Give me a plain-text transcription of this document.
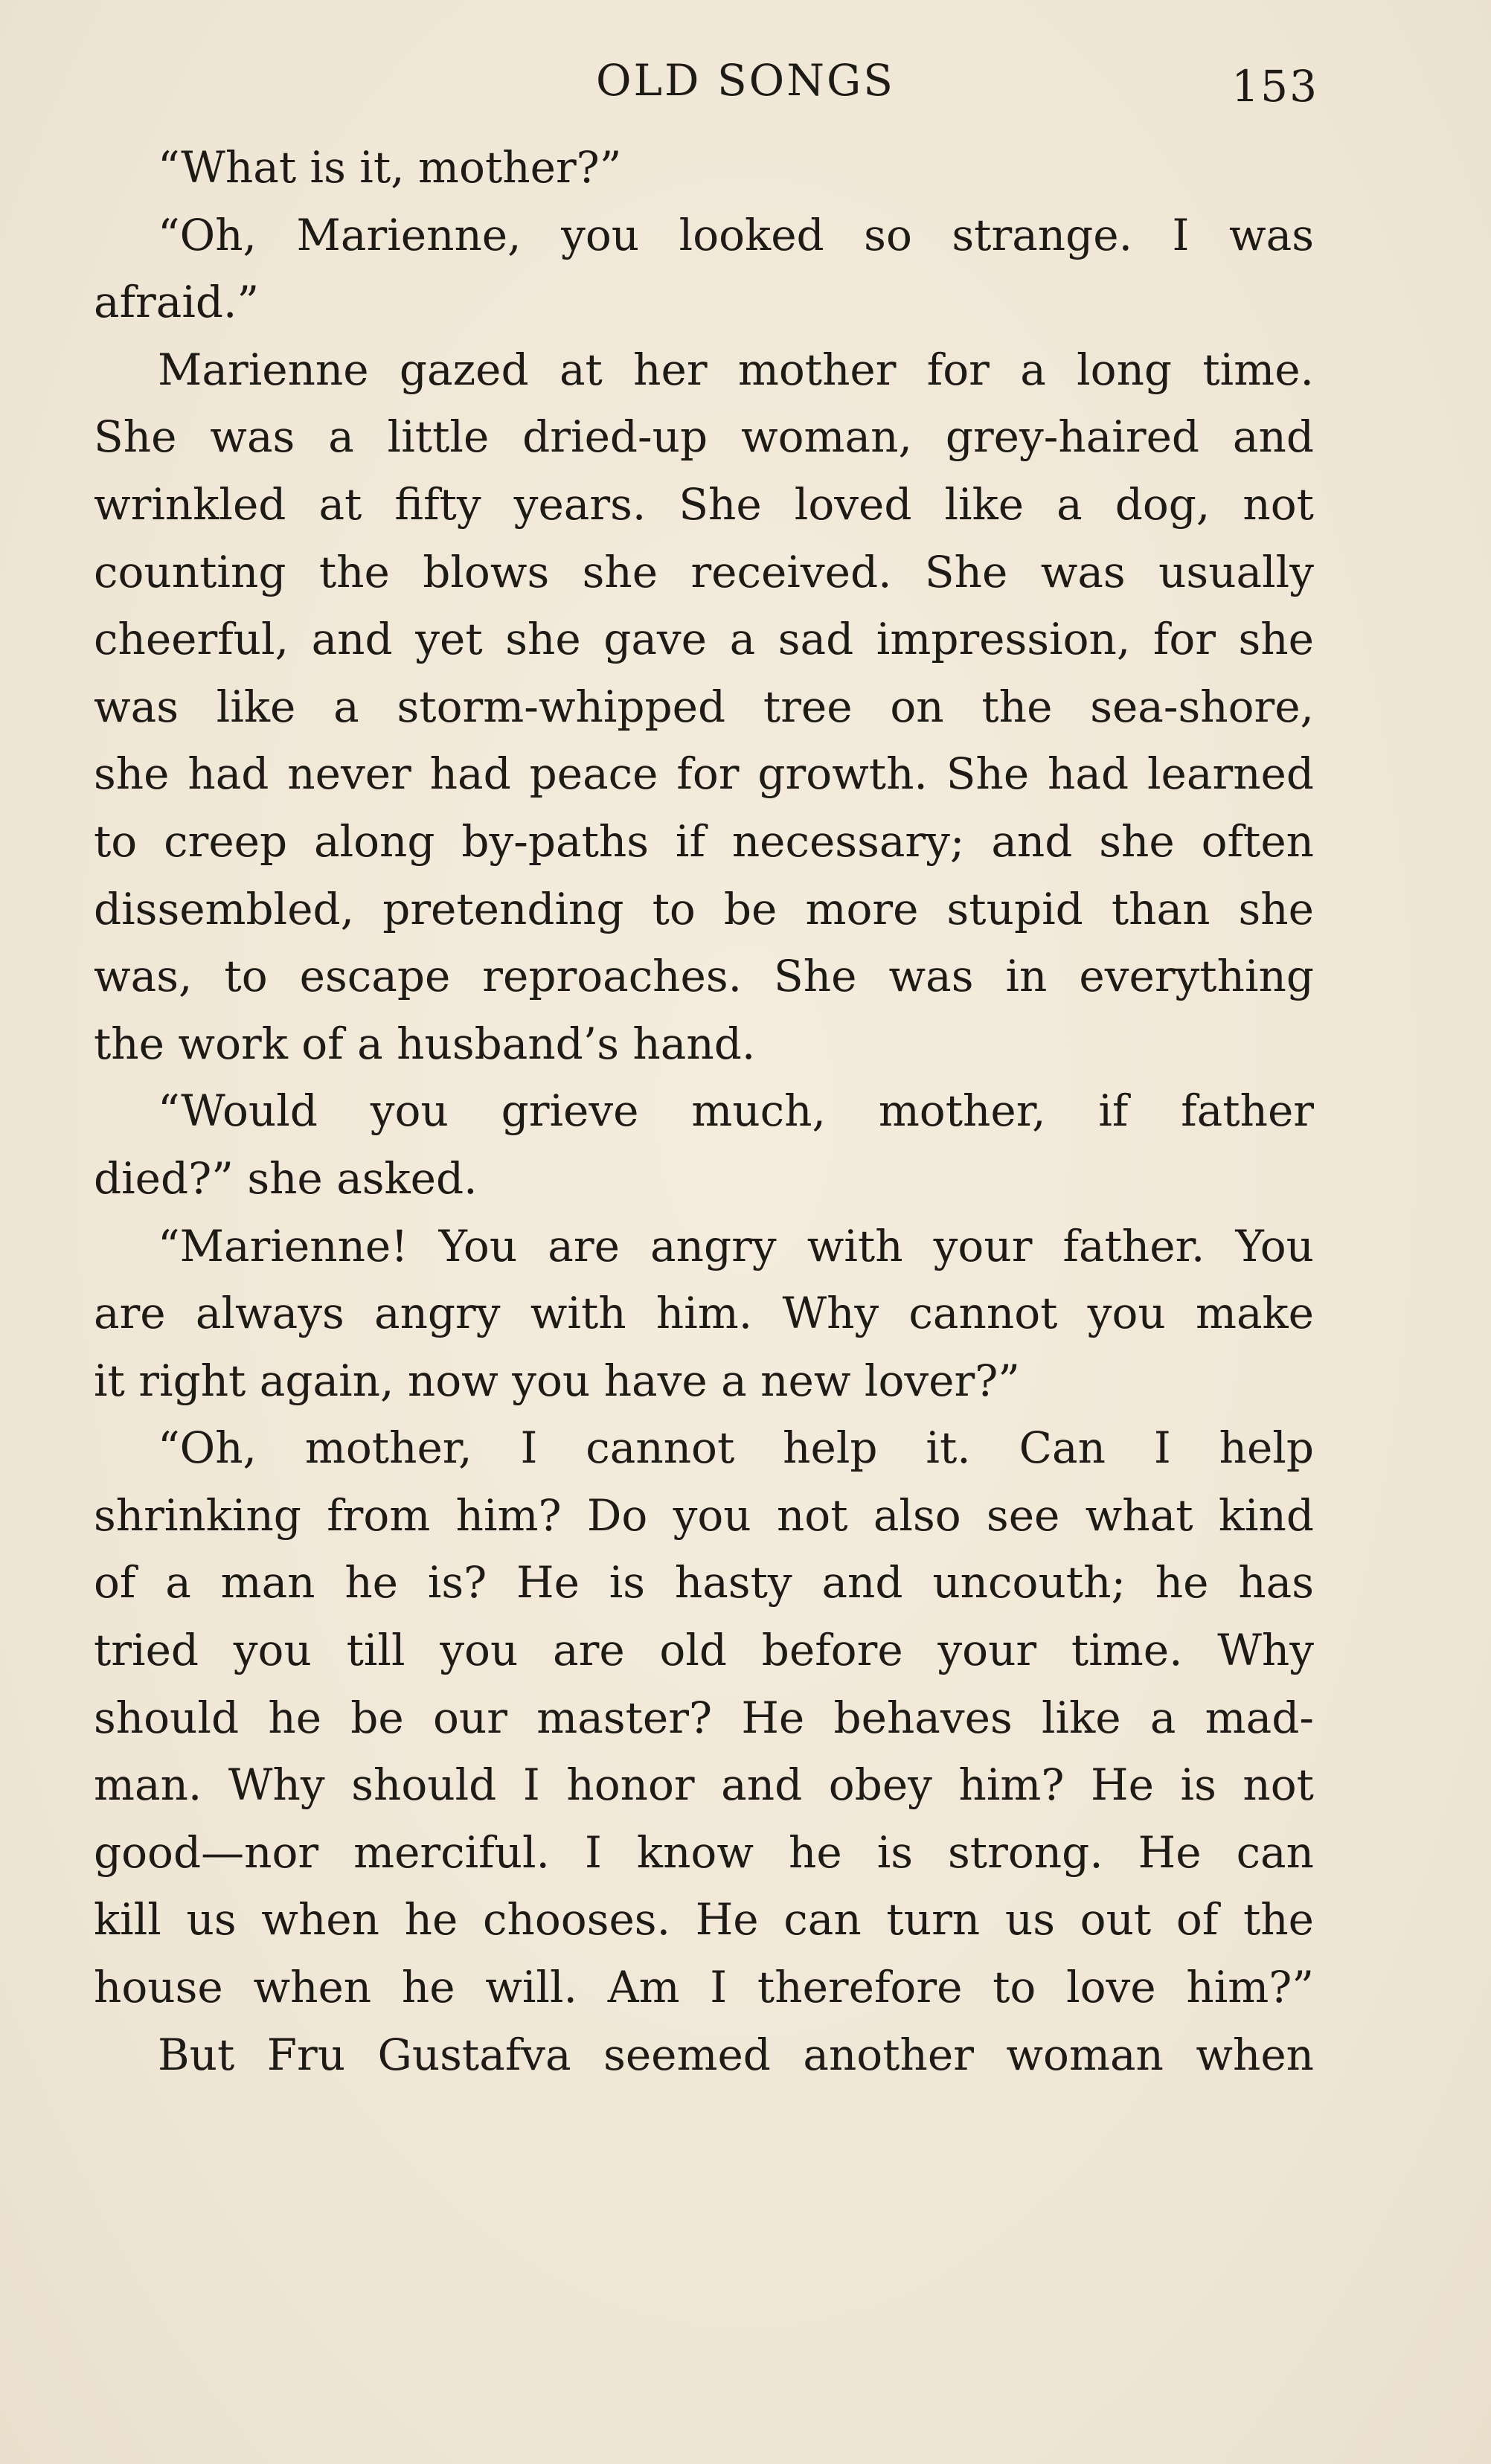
OLD SONGS	153
“What is it, mother?”
“Oh, Marienne, you looked so strange. I was
afraid.”
Marienne gazed at her mother for a long time.
She was a little dried-up woman, grey-haired and
wrinkled at fifty years. She loved like a dog, not
counting the blows she received. She was usually
cheerful, and yet she gave a sad impression, for she
was like a storm-whipped tree on the sea-shore,
she had never had peace for growth. She had learned
to creep along by-paths if necessary; and she often
dissembled, pretending to be more stupid than she
was, to escape reproaches. She was in everything
the work of a husband’s hand.
“Would you grieve much, mother, if father
died?” she asked.
“Marienne! You are angry with your father. You
are always angry with him. Why cannot you make
it right again, now you have a new lover?”
“Oh, mother, I cannot help it. Can I help
shrinking from him? Do you not also see what kind
of a man he is? He is hasty and uncouth; he has
tried you till you are old before your time. Why
should he be our master? He behaves like a mad-
man. Why should I honor and obey him? He is not
good—nor merciful. I know he is strong. He can
kill us when he chooses. He can turn us out of the
house when he will. Am I therefore to love him?”
But Fru Gustafva seemed another woman when
